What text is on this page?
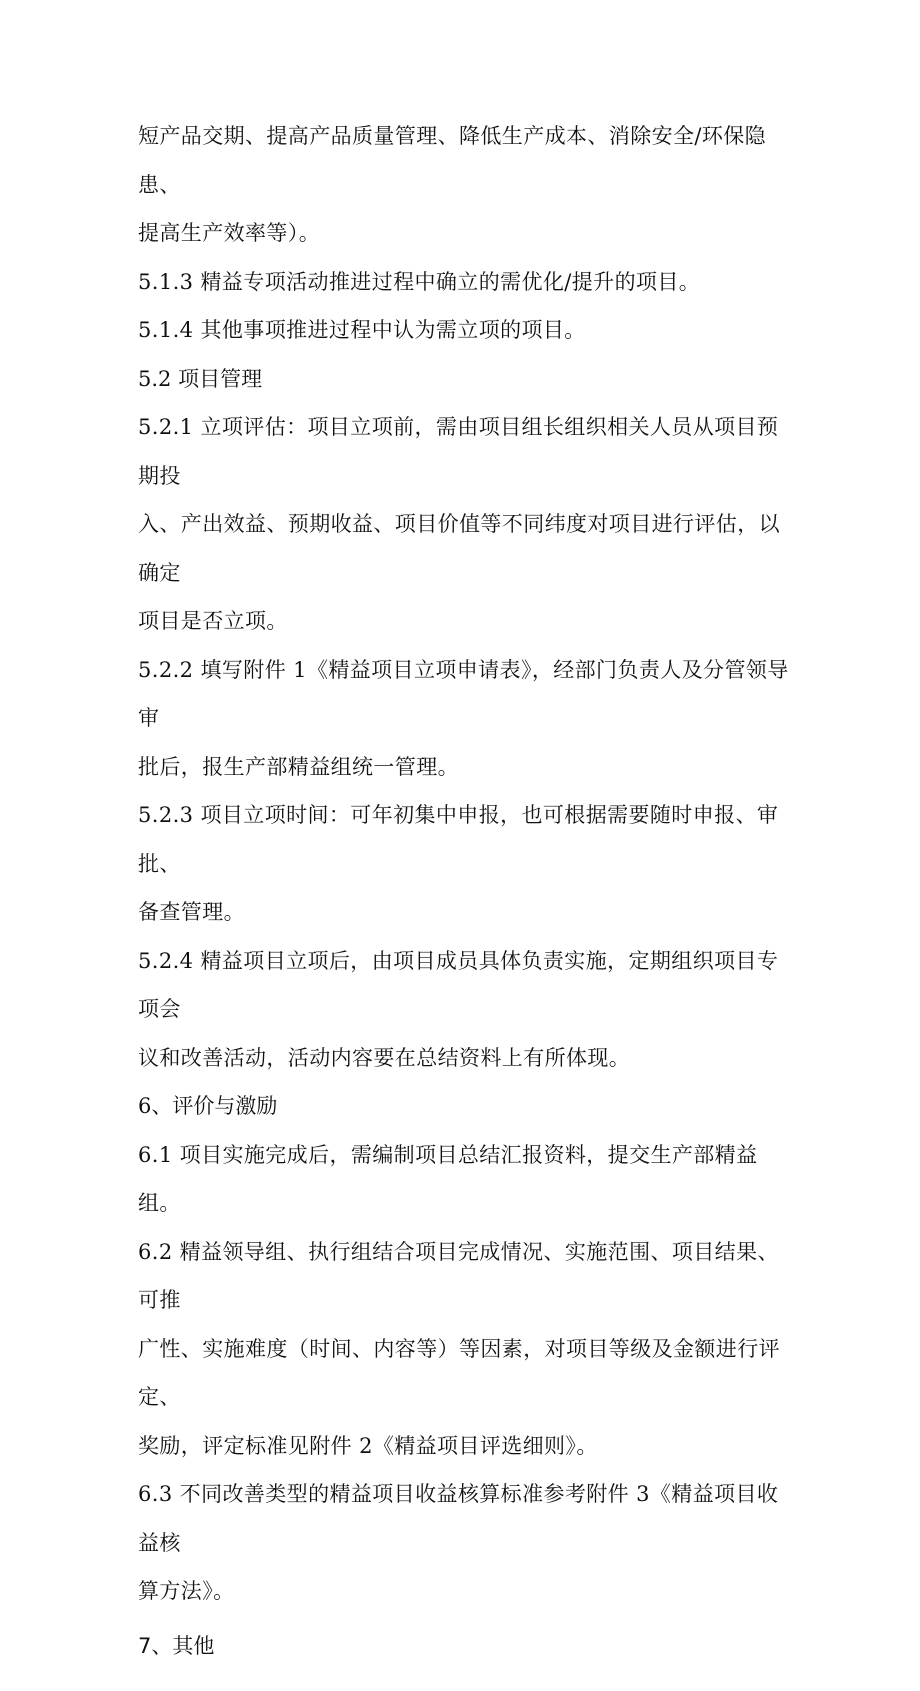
短产品交期、提高产品质量管理、降低生产成本、消除安全/环保隐患、

提高生产效率等）。

5.1.3 精益专项活动推进过程中确立的需优化/提升的项目。

5.1.4 其他事项推进过程中认为需立项的项目。

5.2 项目管理

5.2.1 立项评估：项目立项前，需由项目组长组织相关人员从项目预期投

入、产出效益、预期收益、项目价值等不同纬度对项目进行评估，以确定

项目是否立项。

5.2.2 填写附件 1《精益项目立项申请表》，经部门负责人及分管领导审

批后，报生产部精益组统一管理。

5.2.3 项目立项时间：可年初集中申报，也可根据需要随时申报、审批、

备查管理。

5.2.4 精益项目立项后，由项目成员具体负责实施，定期组织项目专项会

议和改善活动，活动内容要在总结资料上有所体现。

6、评价与激励

6.1 项目实施完成后，需编制项目总结汇报资料，提交生产部精益组。

6.2 精益领导组、执行组结合项目完成情况、实施范围、项目结果、可推

广性、实施难度（时间、内容等）等因素，对项目等级及金额进行评定、

奖励，评定标准见附件 2《精益项目评选细则》。

6.3 不同改善类型的精益项目收益核算标准参考附件 3《精益项目收益核

算方法》。

7、其他
